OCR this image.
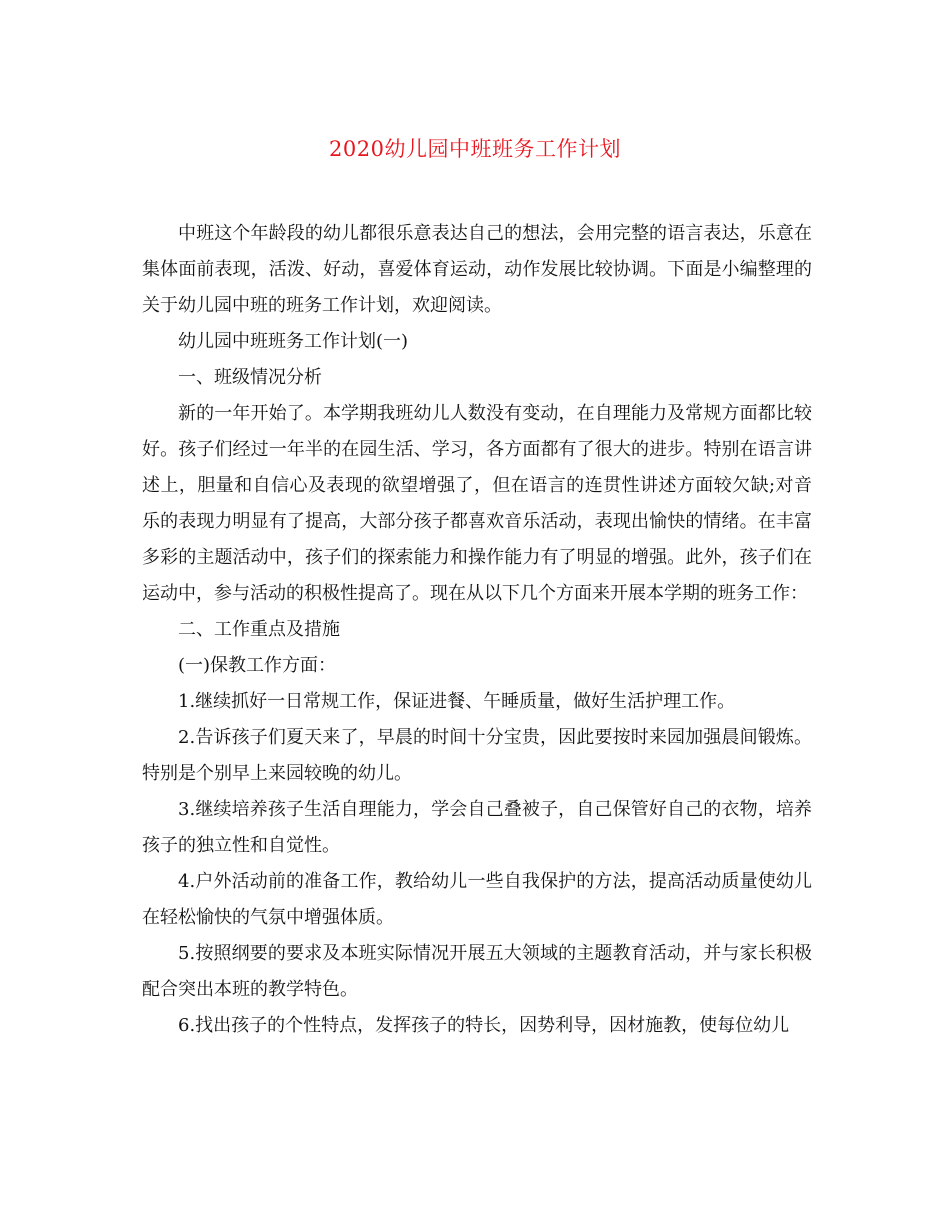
2020幼儿园中班班务工作计划

中班这个年龄段的幼儿都很乐意表达自己的想法，会用完整的语言表达，乐意在集体面前表现，活泼、好动，喜爱体育运动，动作发展比较协调。下面是小编整理的关于幼儿园中班的班务工作计划，欢迎阅读。

幼儿园中班班务工作计划(一)

一、班级情况分析

新的一年开始了。本学期我班幼儿人数没有变动，在自理能力及常规方面都比较好。孩子们经过一年半的在园生活、学习，各方面都有了很大的进步。特别在语言讲述上，胆量和自信心及表现的欲望增强了，但在语言的连贯性讲述方面较欠缺;对音乐的表现力明显有了提高，大部分孩子都喜欢音乐活动，表现出愉快的情绪。在丰富多彩的主题活动中，孩子们的探索能力和操作能力有了明显的增强。此外，孩子们在运动中，参与活动的积极性提高了。现在从以下几个方面来开展本学期的班务工作：

二、工作重点及措施

(一)保教工作方面：

1.继续抓好一日常规工作，保证进餐、午睡质量，做好生活护理工作。

2.告诉孩子们夏天来了，早晨的时间十分宝贵，因此要按时来园加强晨间锻炼。特别是个别早上来园较晚的幼儿。

3.继续培养孩子生活自理能力，学会自己叠被子，自己保管好自己的衣物，培养孩子的独立性和自觉性。

4.户外活动前的准备工作，教给幼儿一些自我保护的方法，提高活动质量使幼儿在轻松愉快的气氛中增强体质。

5.按照纲要的要求及本班实际情况开展五大领域的主题教育活动，并与家长积极配合突出本班的教学特色。

6.找出孩子的个性特点，发挥孩子的特长，因势利导，因材施教，使每位幼儿
